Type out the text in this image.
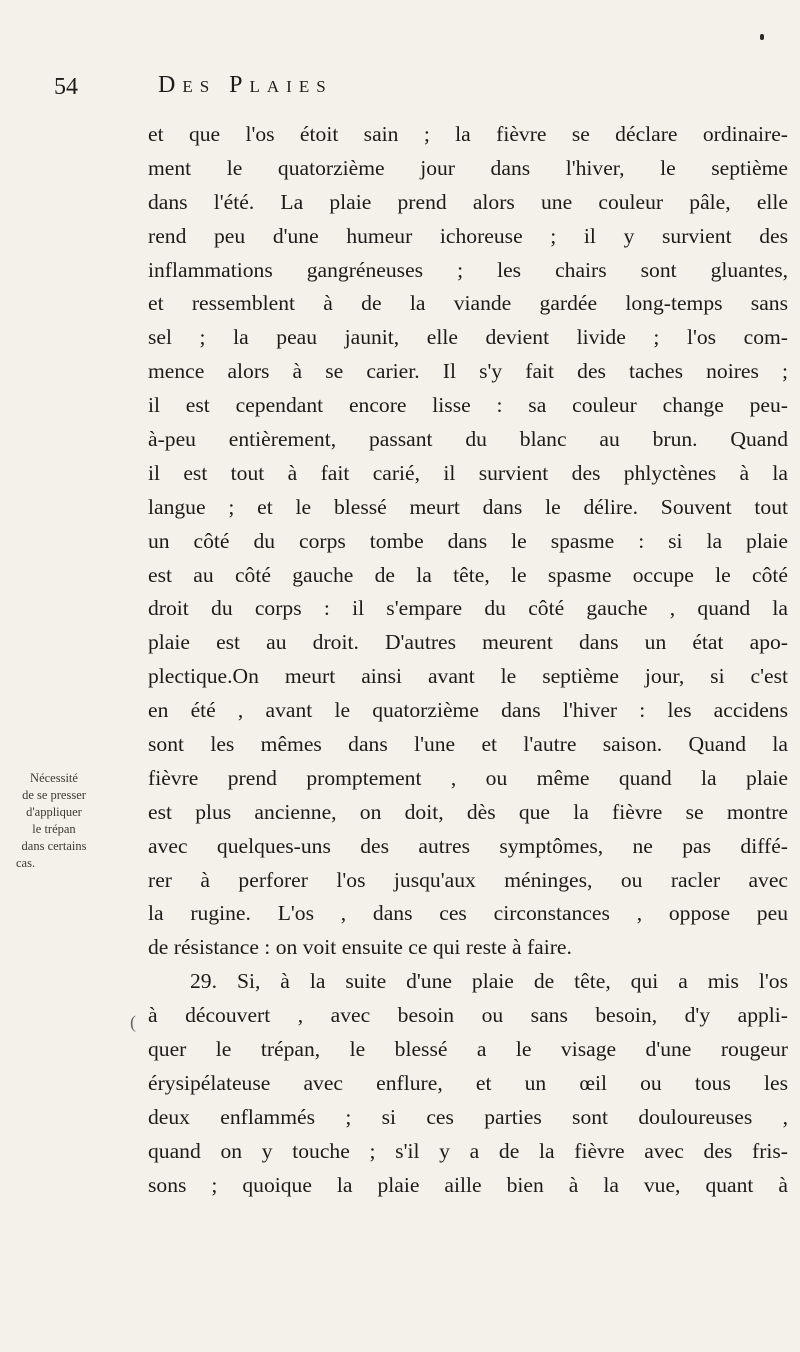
54	Des Plaies
Nécessité
de se presser
d'appliquer
le trépan
dans certains
cas.
(
et que l'os étoit sain ; la fièvre se déclare ordinaire-
ment le quatorzième jour dans l'hiver, le septième
dans l'été. La plaie prend alors une couleur pâle, elle
rend peu d'une humeur ichoreuse ; il y survient des
inflammations gangréneuses ; les chairs sont gluantes,
et ressemblent à de la viande gardée long-temps sans
sel ; la peau jaunit, elle devient livide ; l'os com-
mence alors à se carier. Il s'y fait des taches noires ;
il est cependant encore lisse : sa couleur change peu-
à-peu entièrement, passant du blanc au brun. Quand
il est tout à fait carié, il survient des phlyctènes à la
langue ; et le blessé meurt dans le délire. Souvent tout
un côté du corps tombe dans le spasme : si la plaie
est au côté gauche de la tête, le spasme occupe le côté
droit du corps : il s'empare du côté gauche , quand la
plaie est au droit. D'autres meurent dans un état apo-
plectique.On meurt ainsi avant le septième jour, si c'est
en été , avant le quatorzième dans l'hiver : les accidens
sont les mêmes dans l'une et l'autre saison. Quand la
fièvre prend promptement , ou même quand la plaie
est plus ancienne, on doit, dès que la fièvre se montre
avec quelques-uns des autres symptômes, ne pas diffé-
rer à perforer l'os jusqu'aux méninges, ou racler avec
la rugine. L'os , dans ces circonstances , oppose peu
de résistance : on voit ensuite ce qui reste à faire.
29. Si, à la suite d'une plaie de tête, qui a mis l'os
à découvert , avec besoin ou sans besoin, d'y appli-
quer le trépan, le blessé a le visage d'une rougeur
érysipélateuse avec enflure, et un œil ou tous les
deux enflammés ; si ces parties sont douloureuses ,
quand on y touche ; s'il y a de la fièvre avec des fris-
sons ; quoique la plaie aille bien à la vue, quant à
